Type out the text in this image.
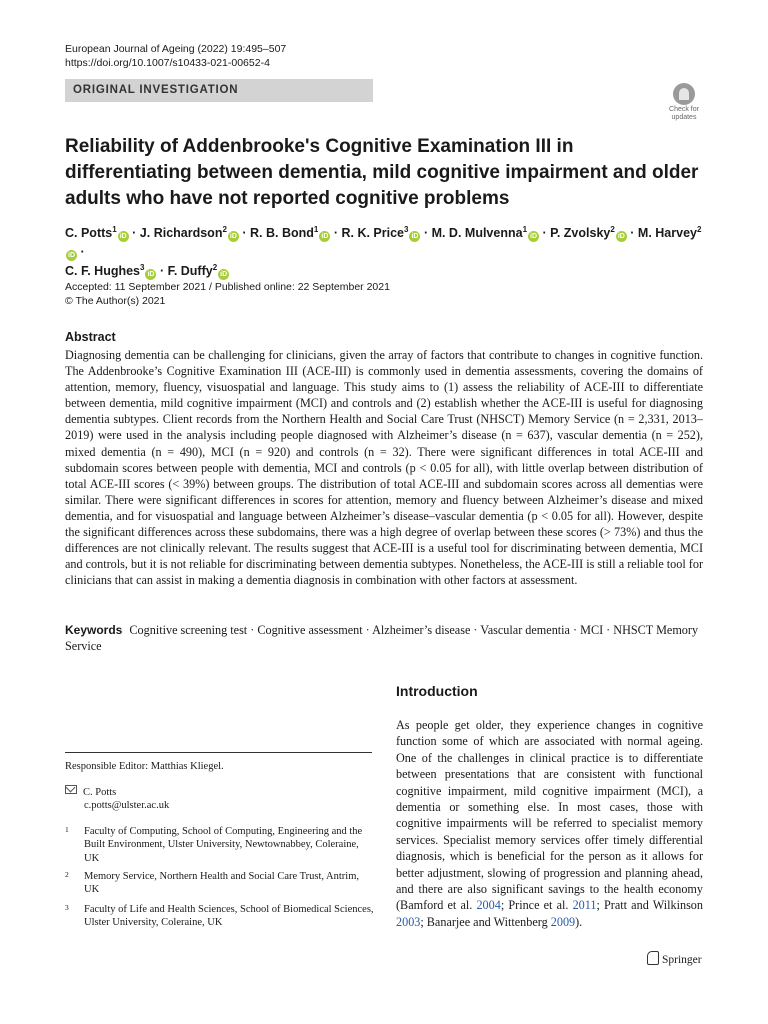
European Journal of Ageing (2022) 19:495–507
https://doi.org/10.1007/s10433-021-00652-4
ORIGINAL INVESTIGATION
Check for
updates
Reliability of Addenbrooke's Cognitive Examination III in differentiating between dementia, mild cognitive impairment and older adults who have not reported cognitive problems
C. Potts$^1$iD · J. Richardson$^2$iD · R. B. Bond$^1$iD · R. K. Price$^3$iD · M. D. Mulvenna$^1$iD · P. Zvolsky$^2$iD · M. Harvey$^2$iD ·
C. F. Hughes$^3$iD · F. Duffy$^2$iD
Accepted: 11 September 2021 / Published online: 22 September 2021
© The Author(s) 2021
Abstract

Diagnosing dementia can be challenging for clinicians, given the array of factors that contribute to changes in cognitive function. The Addenbrooke’s Cognitive Examination III (ACE-III) is commonly used in dementia assessments, covering the domains of attention, memory, fluency, visuospatial and language. This study aims to (1) assess the reliability of ACE-III to differentiate between dementia, mild cognitive impairment (MCI) and controls and (2) establish whether the ACE-III is useful for diagnosing dementia subtypes. Client records from the Northern Health and Social Care Trust (NHSCT) Memory Service (n = 2,331, 2013–2019) were used in the analysis including people diagnosed with Alzheimer’s disease (n = 637), vascular dementia (n = 252), mixed dementia (n = 490), MCI (n = 920) and controls (n = 32). There were significant differences in total ACE-III and subdomain scores between people with dementia, MCI and controls (p < 0.05 for all), with little overlap between distribution of total ACE-III scores (< 39%) between groups. The distribution of total ACE-III and subdomain scores across all dementias were similar. There were significant differences in scores for attention, memory and fluency between Alzheimer’s disease and mixed dementia, and for visuospatial and language between Alzheimer’s disease–vascular dementia (p < 0.05 for all). However, despite the significant differences across these subdomains, there was a high degree of overlap between these scores (> 73%) and thus the differences are not clinically relevant. The results suggest that ACE-III is a useful tool for discriminating between dementia, MCI and controls, but it is not reliable for discriminating between dementia subtypes. Nonetheless, the ACE-III is still a reliable tool for clinicians that can assist in making a dementia diagnosis in combination with other factors at assessment.

Keywords Cognitive screening test · Cognitive assessment · Alzheimer’s disease · Vascular dementia · MCI · NHSCT Memory Service
Introduction

As people get older, they experience changes in cognitive function some of which are associated with normal ageing. One of the challenges in clinical practice is to differentiate between presentations that are consistent with functional cognitive impairment, mild cognitive impairment (MCI), a dementia or something else. In most cases, those with cognitive impairments will be referred to specialist memory services. Specialist memory services offer timely differential diagnosis, which is beneficial for the person as it allows for better adjustment, slowing of progression and planning ahead, and there are also significant savings to the health economy (Bamford et al. 2004; Prince et al. 2011; Pratt and Wilkinson 2003; Banarjee and Wittenberg 2009).

Responsible Editor: Matthias Kliegel.
C. Potts
c.potts@ulster.ac.uk
1 Faculty of Computing, School of Computing, Engineering and the Built Environment, Ulster University, Newtownabbey, Coleraine, UK
2 Memory Service, Northern Health and Social Care Trust, Antrim, UK
3 Faculty of Life and Health Sciences, School of Biomedical Sciences, Ulster University, Coleraine, UK
Springer
